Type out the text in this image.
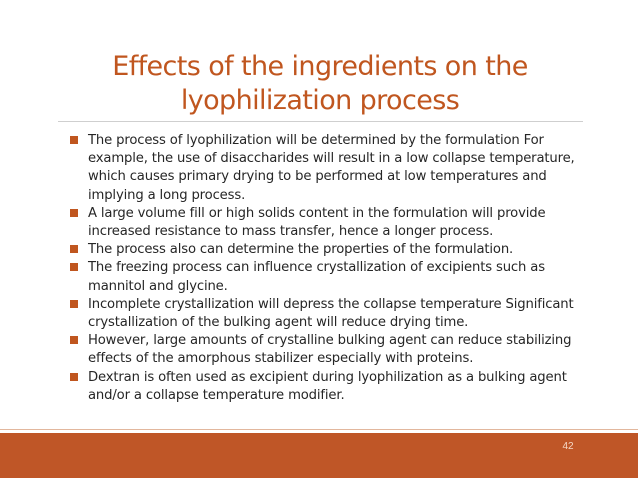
Effects of the ingredients on the lyophilization process
The process of lyophilization will be determined by the formulation For example, the use of disaccharides will result in a low collapse temperature, which causes primary drying to be performed at low temperatures and implying a long process.
A large volume fill or high solids content in the formulation will provide increased resistance to mass transfer, hence a longer process.
The process also can determine the properties of the formulation.
The freezing process can influence crystallization of excipients such as mannitol and glycine.
Incomplete crystallization will depress the collapse temperature Significant crystallization of the bulking agent will reduce drying time.
However, large amounts of crystalline bulking agent can reduce stabilizing effects of the amorphous stabilizer especially with proteins.
Dextran is often used as excipient during lyophilization as a bulking agent and/or a collapse temperature modifier.
42
